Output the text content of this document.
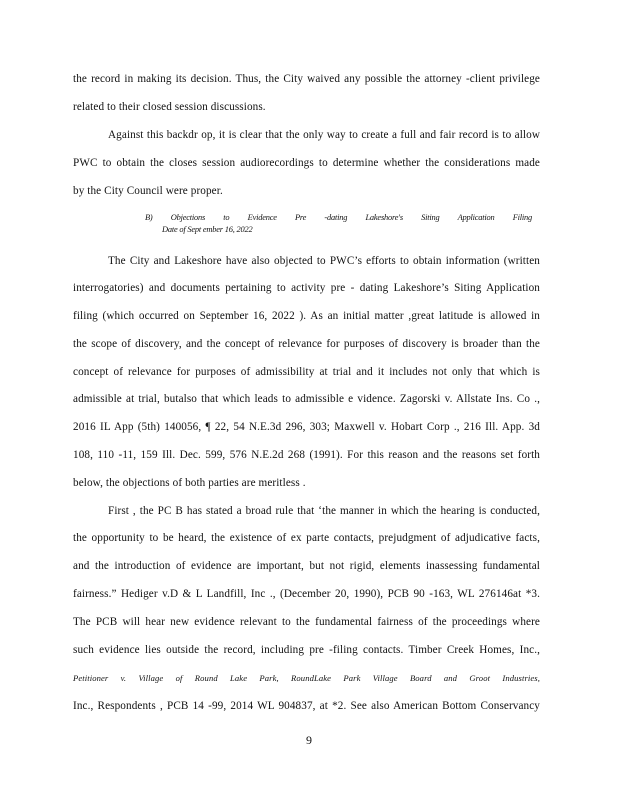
the record in making its decision. Thus, the City waived any possible the attorney -client privilege
related to their closed session discussions.
Against this backdr op, it is clear that the only way to create a full and fair record is to allow
PWC to obtain the closes session audiorecordings to determine whether the considerations made
by the City Council were proper.
B) Objections to Evidence Pre -dating Lakeshore's Siting Application Filing
Date of Sept ember 16, 2022
The City and Lakeshore have also objected to PWC’s efforts to obtain information (written
interrogatories) and documents pertaining to activity pre - dating Lakeshore’s Siting Application
filing (which occurred on September 16, 2022 ). As an initial matter ,great latitude is allowed in
the scope of discovery, and the concept of relevance for purposes of discovery is broader than the
concept of relevance for purposes of admissibility at trial and it includes not only that which is
admissible at trial, butalso that which leads to admissible e vidence. Zagorski v. Allstate Ins. Co .,
2016 IL App (5th) 140056, ¶ 22, 54 N.E.3d 296, 303; Maxwell v. Hobart Corp ., 216 Ill. App. 3d
108, 110 -11, 159 Ill. Dec. 599, 576 N.E.2d 268 (1991). For this reason and the reasons set forth
below, the objections of both parties are meritless .
First , the PC B has stated a broad rule that ‘the manner in which the hearing is conducted,
the opportunity to be heard, the existence of ex parte contacts, prejudgment of adjudicative facts,
and the introduction of evidence are important, but not rigid, elements inassessing fundamental
fairness.” Hediger v.D & L Landfill, Inc ., (December 20, 1990), PCB 90 -163, WL 276146at *3.
The PCB will hear new evidence relevant to the fundamental fairness of the proceedings where
such evidence lies outside the record, including pre -filing contacts. Timber Creek Homes, Inc.,
Petitioner v. Village of Round Lake Park, RoundLake Park Village Board and Groot Industries,
Inc., Respondents , PCB 14 -99, 2014 WL 904837, at *2. See also American Bottom Conservancy
9
